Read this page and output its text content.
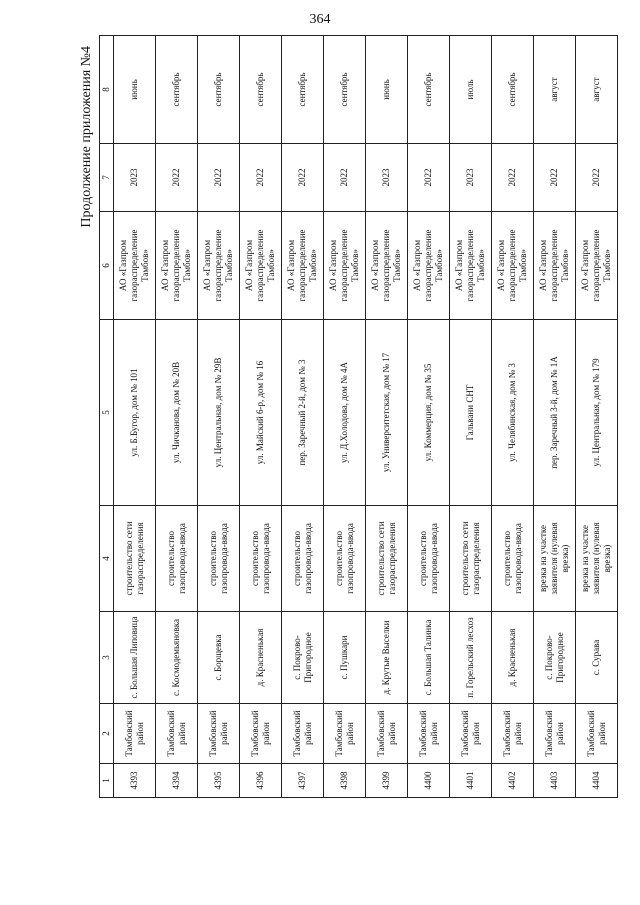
364
Продолжение приложения №4
1	2	3	4	5	6	7	8
4393	Тамбовский район	с. Большая Липовица	строительство сети газораспределения	ул. Б.Бугор, дом № 101	АО «Газпром газораспределение Тамбов»	2023	июнь
4394	Тамбовский район	с. Космодемьяновка	строительство газопровода-ввода	ул. Чичканова, дом № 20В	АО «Газпром газораспределение Тамбов»	2022	сентябрь
4395	Тамбовский район	с. Борщевка	строительство газопровода-ввода	ул. Центральная, дом № 29В	АО «Газпром газораспределение Тамбов»	2022	сентябрь
4396	Тамбовский район	д. Красненькая	строительство газопровода-ввода	ул. Майский 6-р, дом № 16	АО «Газпром газораспределение Тамбов»	2022	сентябрь
4397	Тамбовский район	с. Покрово-Пригородное	строительство газопровода-ввода	пер. Заречный 2-й, дом № 3	АО «Газпром газораспределение Тамбов»	2022	сентябрь
4398	Тамбовский район	с. Пушкари	строительство газопровода-ввода	ул. Д.Холодова, дом № 4А	АО «Газпром газораспределение Тамбов»	2022	сентябрь
4399	Тамбовский район	д. Крутые Выселки	строительство сети газораспределения	ул. Университетская, дом № 17	АО «Газпром газораспределение Тамбов»	2023	июнь
4400	Тамбовский район	с. Большая Талинка	строительство газопровода-ввода	ул. Коммерция, дом № 35	АО «Газпром газораспределение Тамбов»	2022	сентябрь
4401	Тамбовский район	п. Горельский лесхоз	строительство сети газораспределения	Гальвани СНТ	АО «Газпром газораспределение Тамбов»	2023	июль
4402	Тамбовский район	д. Красненькая	строительство газопровода-ввода	ул. Челябинская, дом № 3	АО «Газпром газораспределение Тамбов»	2022	сентябрь
4403	Тамбовский район	с. Покрово-Пригородное	врезка на участке заявителя (нулевая врезка)	пер. Заречный 3-й, дом № 1А	АО «Газпром газораспределение Тамбов»	2022	август
4404	Тамбовский район	с. Сурава	врезка на участке заявителя (нулевая врезка)	ул. Центральная, дом № 179	АО «Газпром газораспределение Тамбов»	2022	август
